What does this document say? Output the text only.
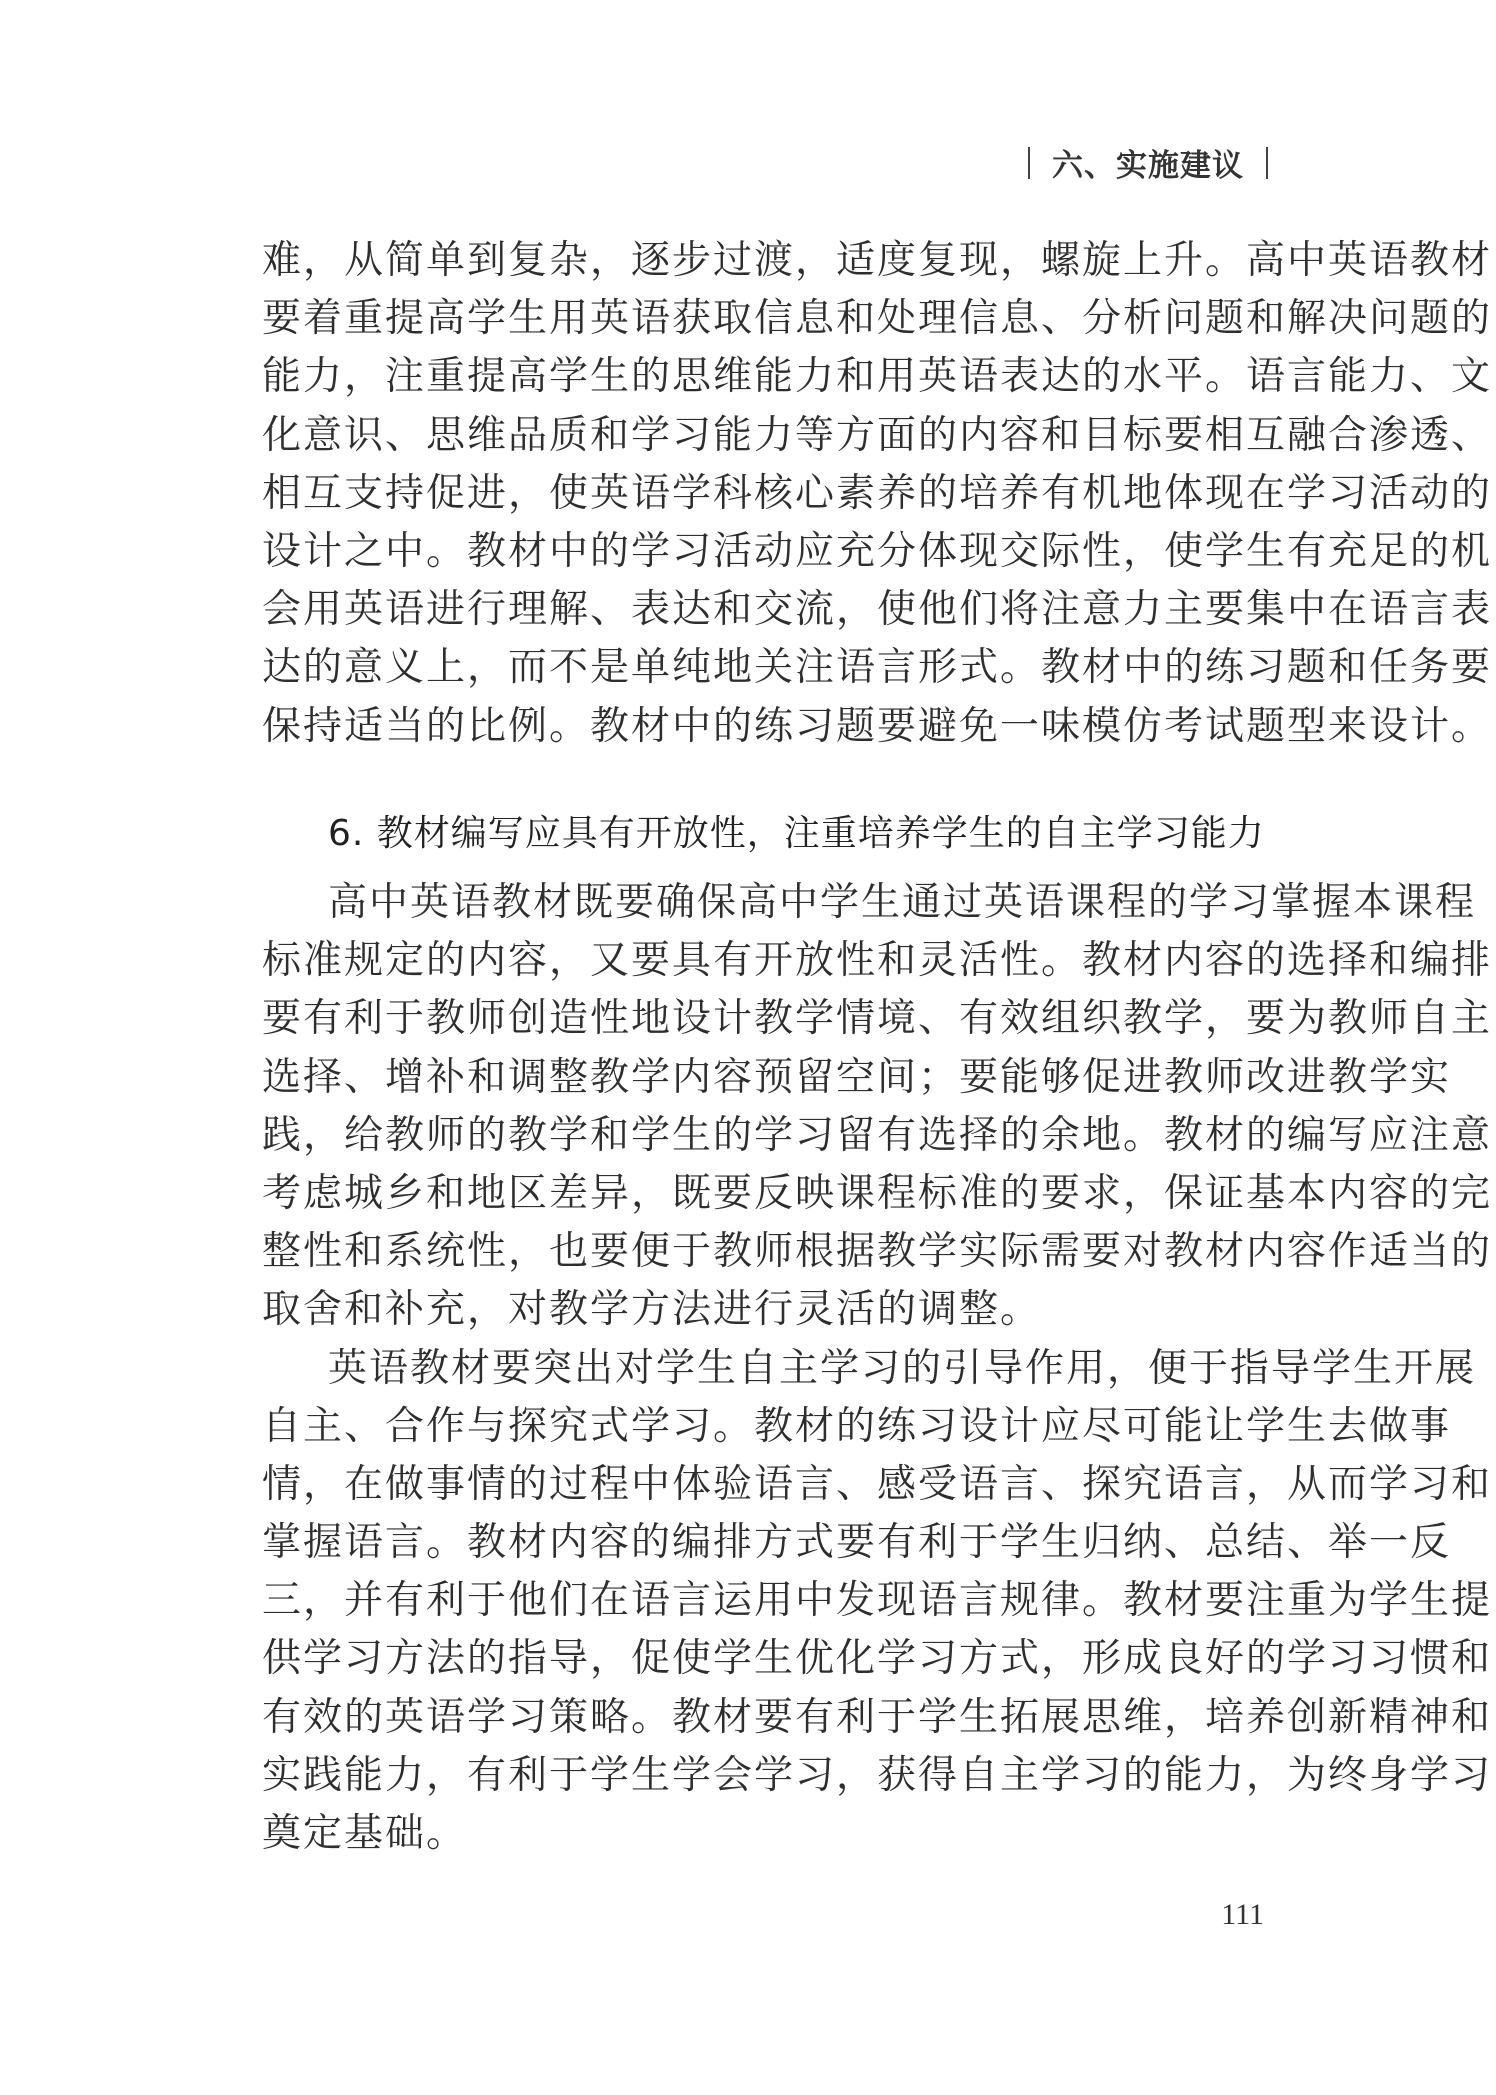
六、实施建议
难，从简单到复杂，逐步过渡，适度复现，螺旋上升。高中英语教材
要着重提高学生用英语获取信息和处理信息、分析问题和解决问题的
能力，注重提高学生的思维能力和用英语表达的水平。语言能力、文
化意识、思维品质和学习能力等方面的内容和目标要相互融合渗透、
相互支持促进，使英语学科核心素养的培养有机地体现在学习活动的
设计之中。教材中的学习活动应充分体现交际性，使学生有充足的机
会用英语进行理解、表达和交流，使他们将注意力主要集中在语言表
达的意义上，而不是单纯地关注语言形式。教材中的练习题和任务要
保持适当的比例。教材中的练习题要避免一味模仿考试题型来设计。
6. 教材编写应具有开放性，注重培养学生的自主学习能力
高中英语教材既要确保高中学生通过英语课程的学习掌握本课程
标准规定的内容，又要具有开放性和灵活性。教材内容的选择和编排
要有利于教师创造性地设计教学情境、有效组织教学，要为教师自主
选择、增补和调整教学内容预留空间；要能够促进教师改进教学实
践，给教师的教学和学生的学习留有选择的余地。教材的编写应注意
考虑城乡和地区差异，既要反映课程标准的要求，保证基本内容的完
整性和系统性，也要便于教师根据教学实际需要对教材内容作适当的
取舍和补充，对教学方法进行灵活的调整。
英语教材要突出对学生自主学习的引导作用，便于指导学生开展
自主、合作与探究式学习。教材的练习设计应尽可能让学生去做事
情，在做事情的过程中体验语言、感受语言、探究语言，从而学习和
掌握语言。教材内容的编排方式要有利于学生归纳、总结、举一反
三，并有利于他们在语言运用中发现语言规律。教材要注重为学生提
供学习方法的指导，促使学生优化学习方式，形成良好的学习习惯和
有效的英语学习策略。教材要有利于学生拓展思维，培养创新精神和
实践能力，有利于学生学会学习，获得自主学习的能力，为终身学习
奠定基础。
111
